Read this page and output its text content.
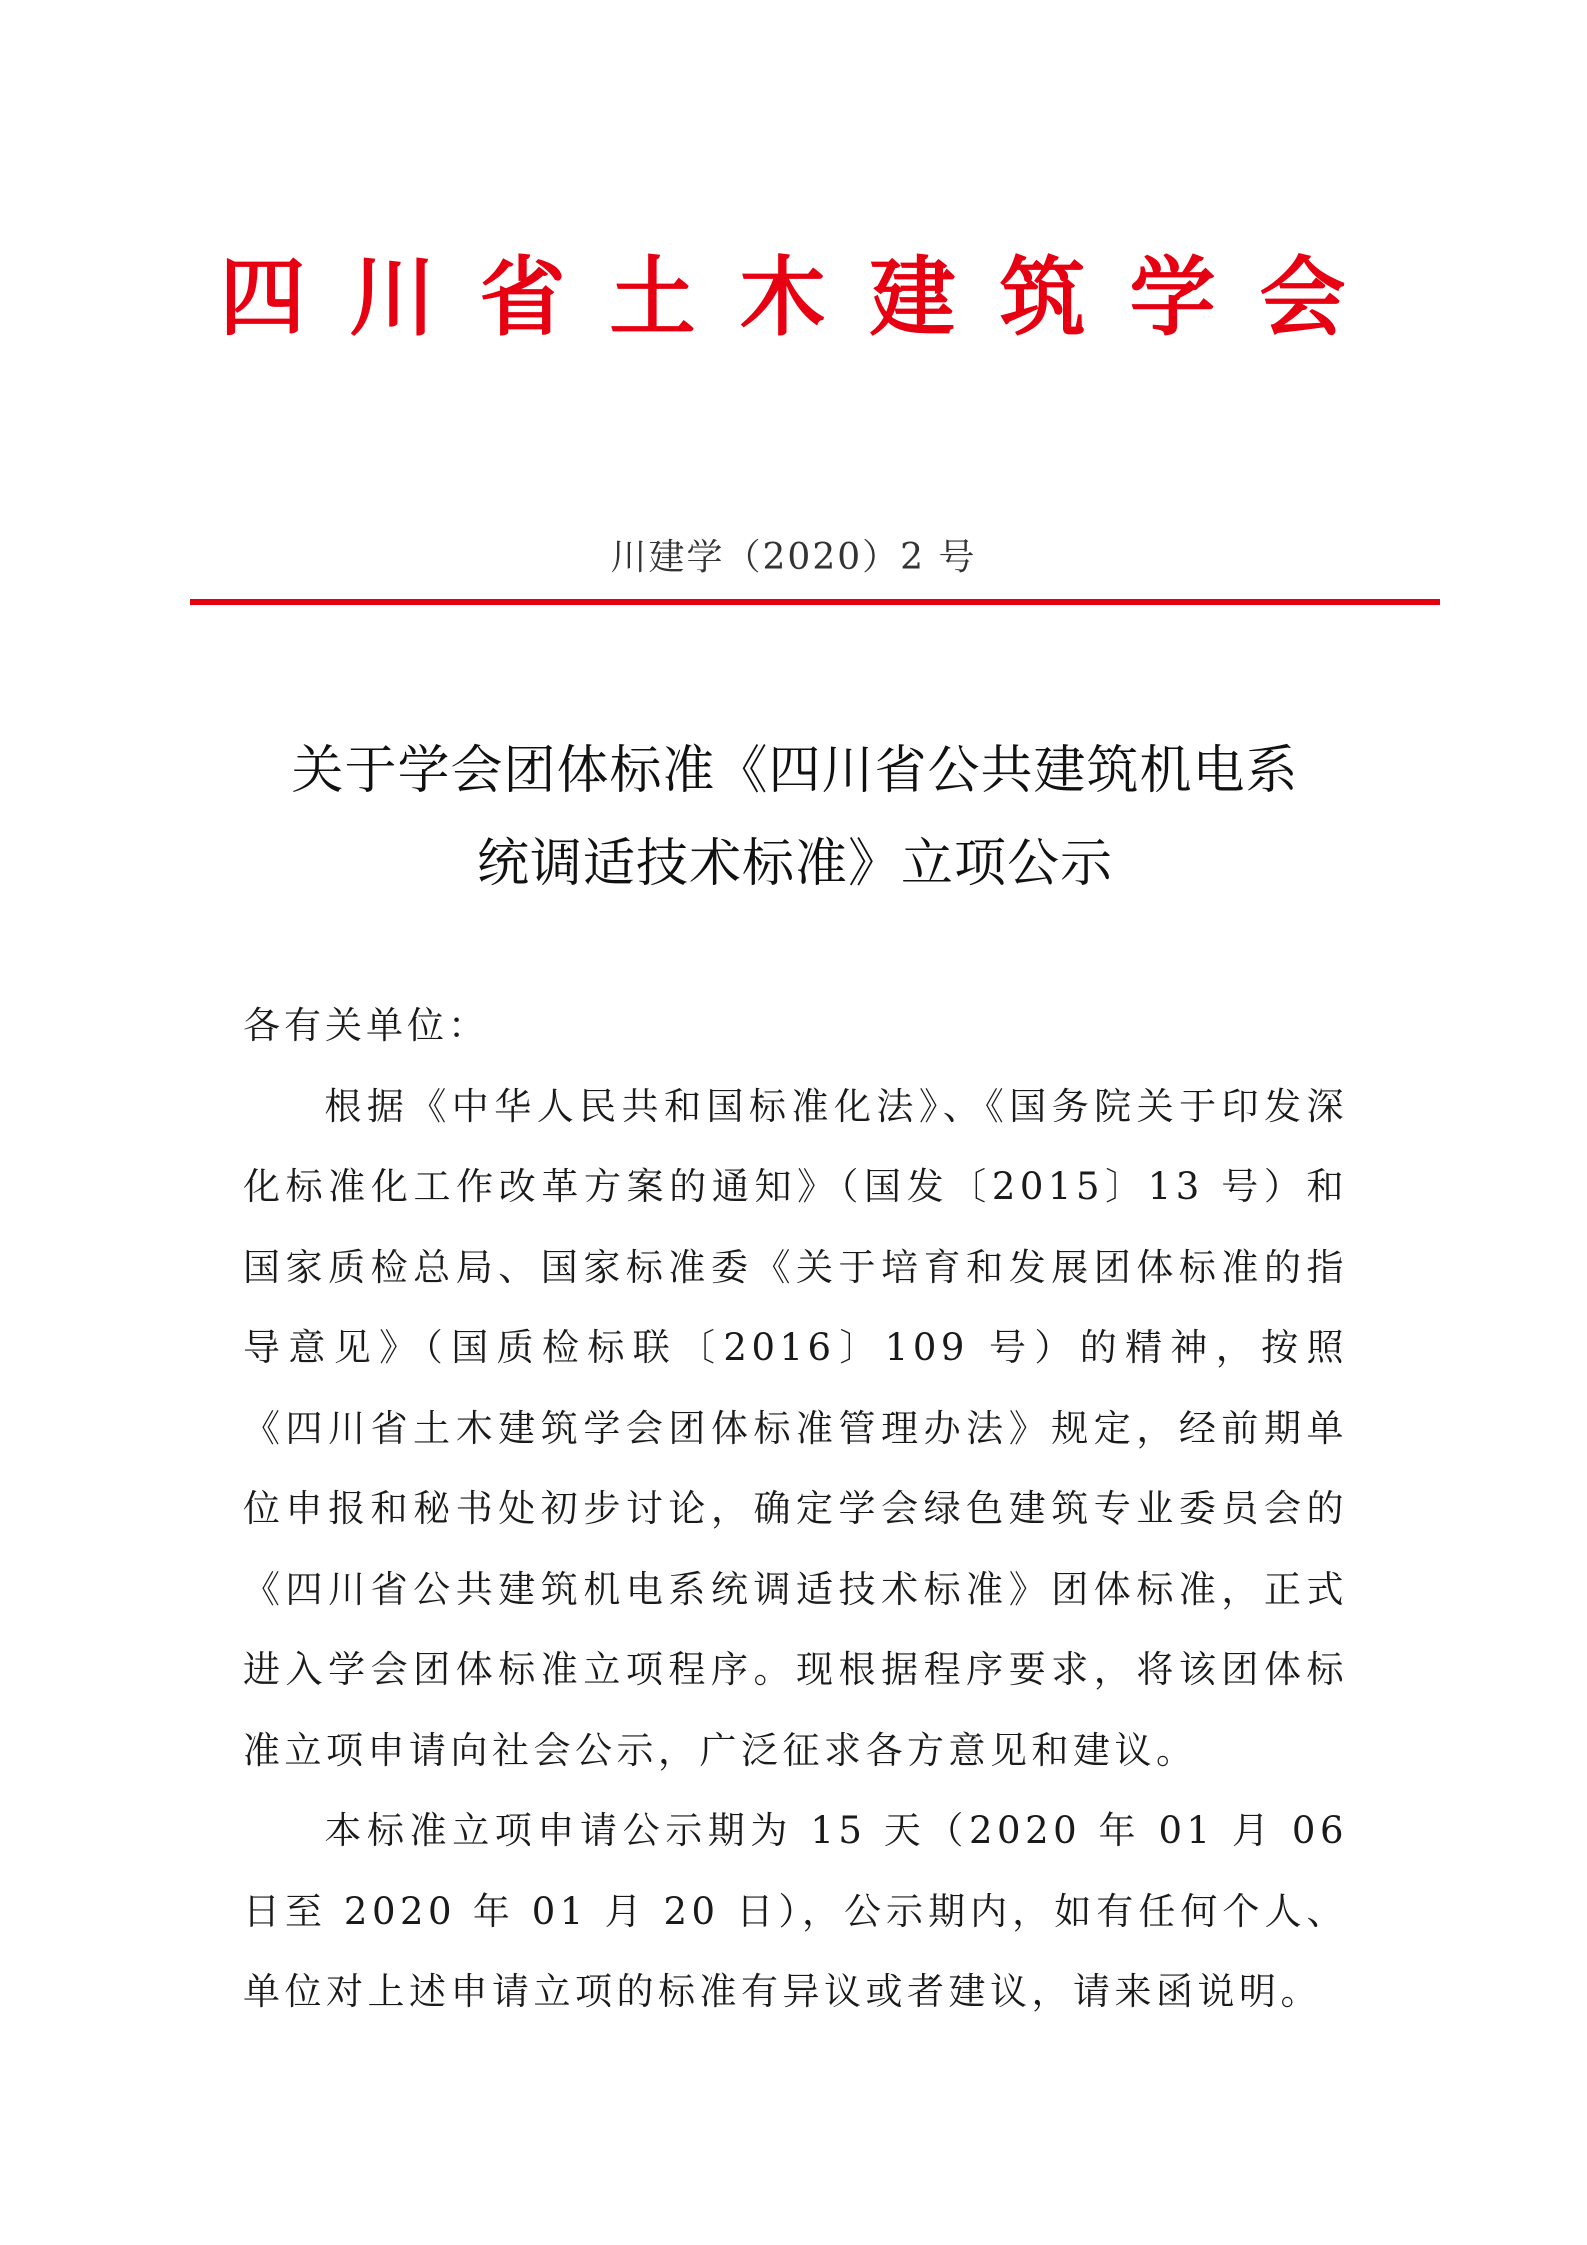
四川省土木建筑学会
川建学（2020）2 号
关于学会团体标准《四川省公共建筑机电系
统调适技术标准》立项公示

各有关单位：

根据《中华人民共和国标准化法》、《国务院关于印发深化标准化工作改革方案的通知》（国发〔2015〕13 号）和国家质检总局、国家标准委《关于培育和发展团体标准的指导意见》（国质检标联〔2016〕109 号）的精神，按照《四川省土木建筑学会团体标准管理办法》规定，经前期单位申报和秘书处初步讨论，确定学会绿色建筑专业委员会的《四川省公共建筑机电系统调适技术标准》团体标准，正式进入学会团体标准立项程序。现根据程序要求，将该团体标准立项申请向社会公示，广泛征求各方意见和建议。

本标准立项申请公示期为 15 天（2020 年 01 月 06 日至 2020 年 01 月 20 日），公示期内，如有任何个人、单位对上述申请立项的标准有异议或者建议，请来函说明。
